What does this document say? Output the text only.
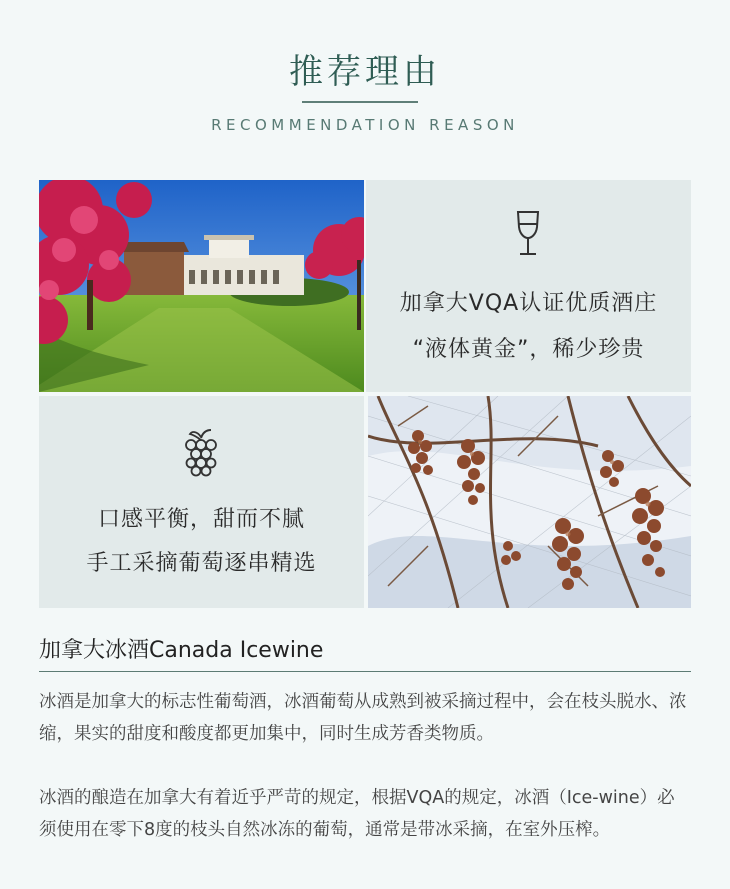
推荐理由
RECOMMENDATION REASON
加拿大VQA认证优质酒庄
“液体黄金”，稀少珍贵
口感平衡，甜而不腻
手工采摘葡萄逐串精选
加拿大冰酒Canada Icewine
冰酒是加拿大的标志性葡萄酒，冰酒葡萄从成熟到被采摘过程中，会在枝头脱水、浓缩，果实的甜度和酸度都更加集中，同时生成芳香类物质。
冰酒的酿造在加拿大有着近乎严苛的规定，根据VQA的规定，冰酒（Ice-wine）必须使用在零下8度的枝头自然冰冻的葡萄，通常是带冰采摘，在室外压榨。
